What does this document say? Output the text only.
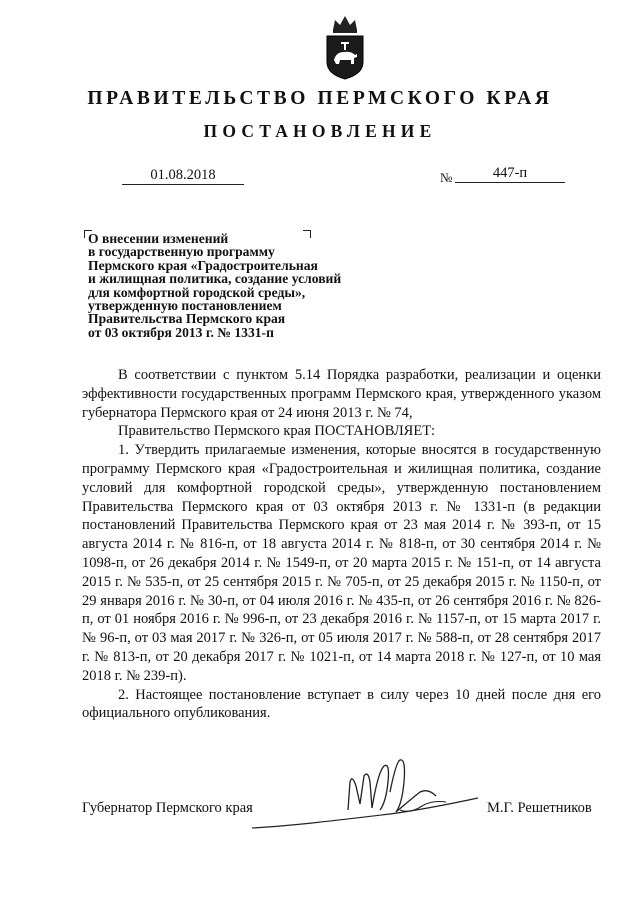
ПРАВИТЕЛЬСТВО ПЕРМСКОГО КРАЯ
ПОСТАНОВЛЕНИЕ
01.08.2018	№	447-п
О внесении изменений
в государственную программу
Пермского края «Градостроительная
и жилищная политика, создание условий
для комфортной городской среды»,
утвержденную постановлением
Правительства Пермского края
от 03 октября 2013 г. № 1331-п

В соответствии с пунктом 5.14 Порядка разработки, реализации и оценки эффективности государственных программ Пермского края, утвержденного указом губернатора Пермского края от 24 июня 2013 г. № 74,

Правительство Пермского края ПОСТАНОВЛЯЕТ:

1. Утвердить прилагаемые изменения, которые вносятся в государственную программу Пермского края «Градостроительная и жилищная политика, создание условий для комфортной городской среды», утвержденную постановлением Правительства Пермского края от 03 октября 2013 г. № 1331-п (в редакции постановлений Правительства Пермского края от 23 мая 2014 г. № 393-п, от 15 августа 2014 г. № 816-п, от 18 августа 2014 г. № 818-п, от 30 сентября 2014 г. № 1098-п, от 26 декабря 2014 г. № 1549-п, от 20 марта 2015 г. № 151-п, от 14 августа 2015 г. № 535-п, от 25 сентября 2015 г. № 705-п, от 25 декабря 2015 г. № 1150-п, от 29 января 2016 г. № 30-п, от 04 июля 2016 г. № 435-п, от 26 сентября 2016 г. № 826-п, от 01 ноября 2016 г. № 996-п, от 23 декабря 2016 г. № 1157-п, от 15 марта 2017 г. № 96-п, от 03 мая 2017 г. № 326-п, от 05 июля 2017 г. № 588-п, от 28 сентября 2017 г. № 813-п, от 20 декабря 2017 г. № 1021-п, от 14 марта 2018 г. № 127-п, от 10 мая 2018 г. № 239-п).

2. Настоящее постановление вступает в силу через 10 дней после дня его официального опубликования.

Губернатор Пермского края	М.Г. Решетников
